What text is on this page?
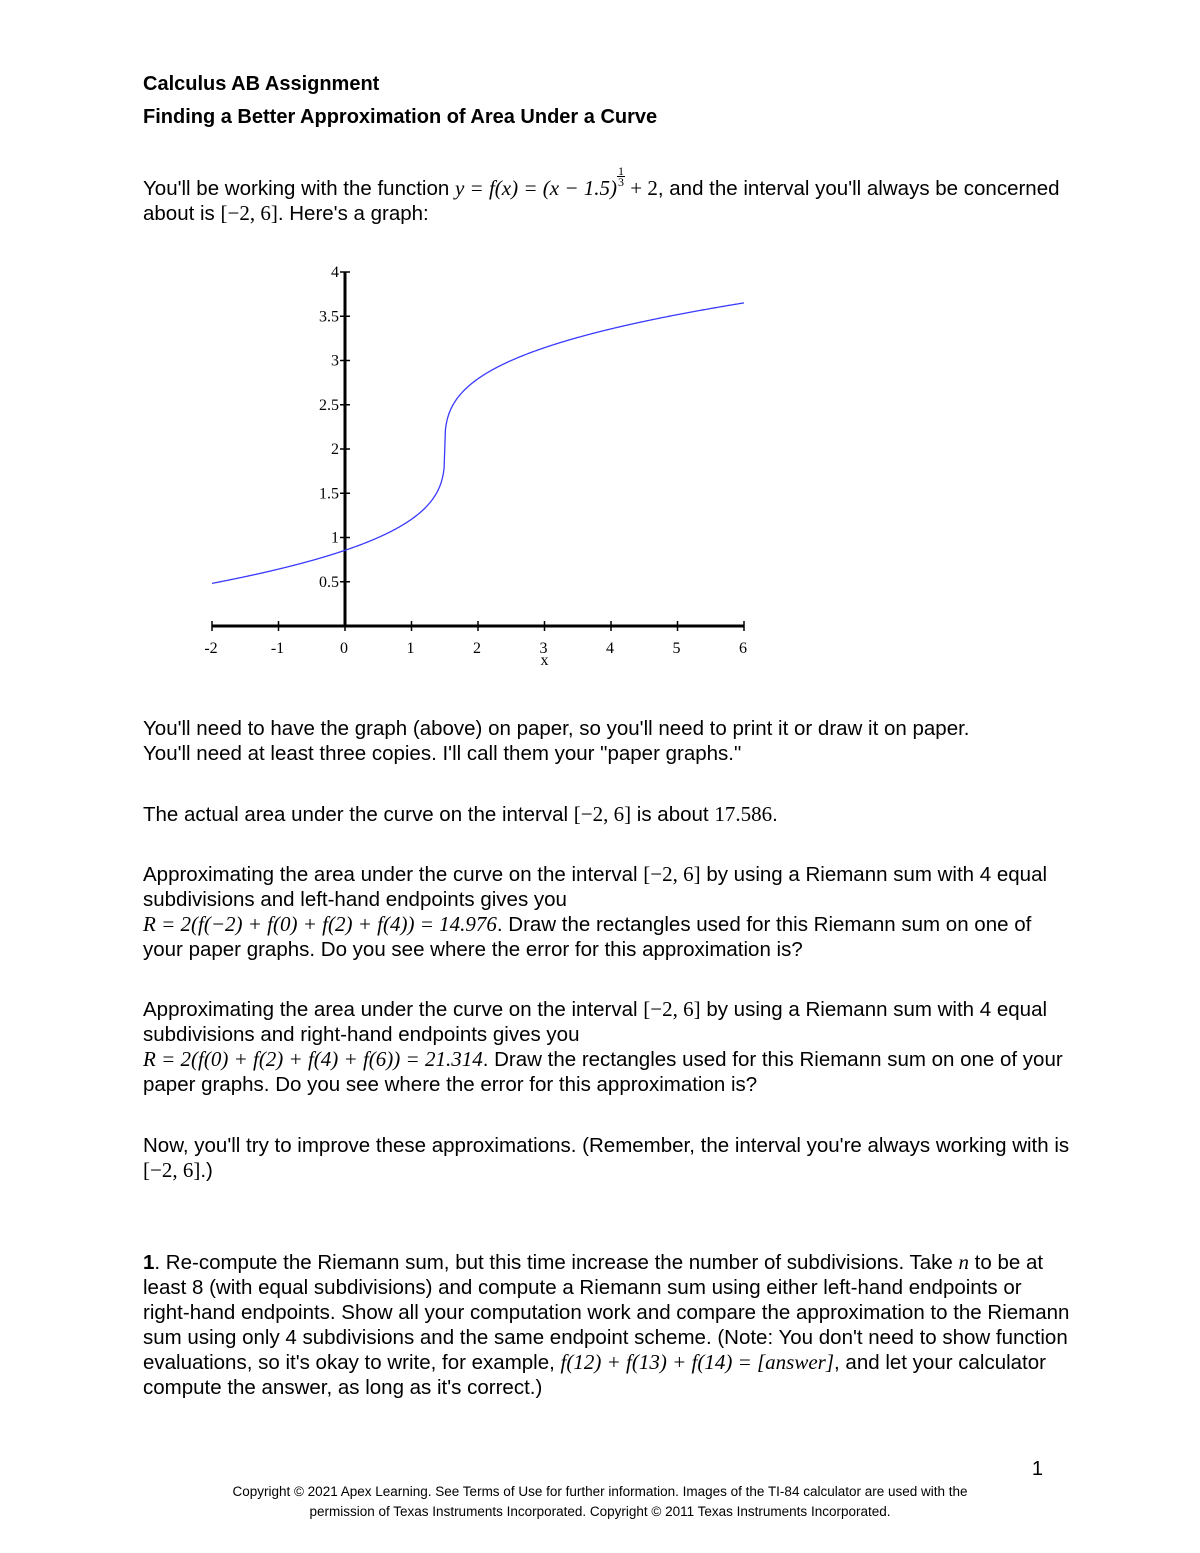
Calculus AB Assignment
Finding a Better Approximation of Area Under a Curve
You'll be working with the function $y = f(x) = (x - 1.5) \frac{1}{3} + 2$, and the interval you'll always be concerned about is [−2, 6]. Here's a graph:
-2	-1	0	1	2	3	4	5	6
0.5
1
1.5
2
2.5
3
3.5
4
x
You'll need to have the graph (above) on paper, so you'll need to print it or draw it on paper.
You'll need at least three copies. I'll call them your "paper graphs."
The actual area under the curve on the interval [−2, 6] is about 17.586.
Approximating the area under the curve on the interval [−2, 6] by using a Riemann sum with 4 equal subdivisions and left-hand endpoints gives you
R = 2(f(−2) + f(0) + f(2) + f(4)) = 14.976. Draw the rectangles used for this Riemann sum on one of your paper graphs. Do you see where the error for this approximation is?
Approximating the area under the curve on the interval [−2, 6] by using a Riemann sum with 4 equal subdivisions and right-hand endpoints gives you
R = 2(f(0) + f(2) + f(4) + f(6)) = 21.314. Draw the rectangles used for this Riemann sum on one of your paper graphs. Do you see where the error for this approximation is?
Now, you'll try to improve these approximations. (Remember, the interval you're always working with is [−2, 6].)
1. Re-compute the Riemann sum, but this time increase the number of subdivisions. Take n to be at least 8 (with equal subdivisions) and compute a Riemann sum using either left-hand endpoints or right-hand endpoints. Show all your computation work and compare the approximation to the Riemann sum using only 4 subdivisions and the same endpoint scheme. (Note: You don't need to show function evaluations, so it's okay to write, for example, f(12) + f(13) + f(14) = [answer], and let your calculator compute the answer, as long as it's correct.)
1
Copyright © 2021 Apex Learning. See Terms of Use for further information. Images of the TI-84 calculator are used with the
permission of Texas Instruments Incorporated. Copyright © 2011 Texas Instruments Incorporated.
